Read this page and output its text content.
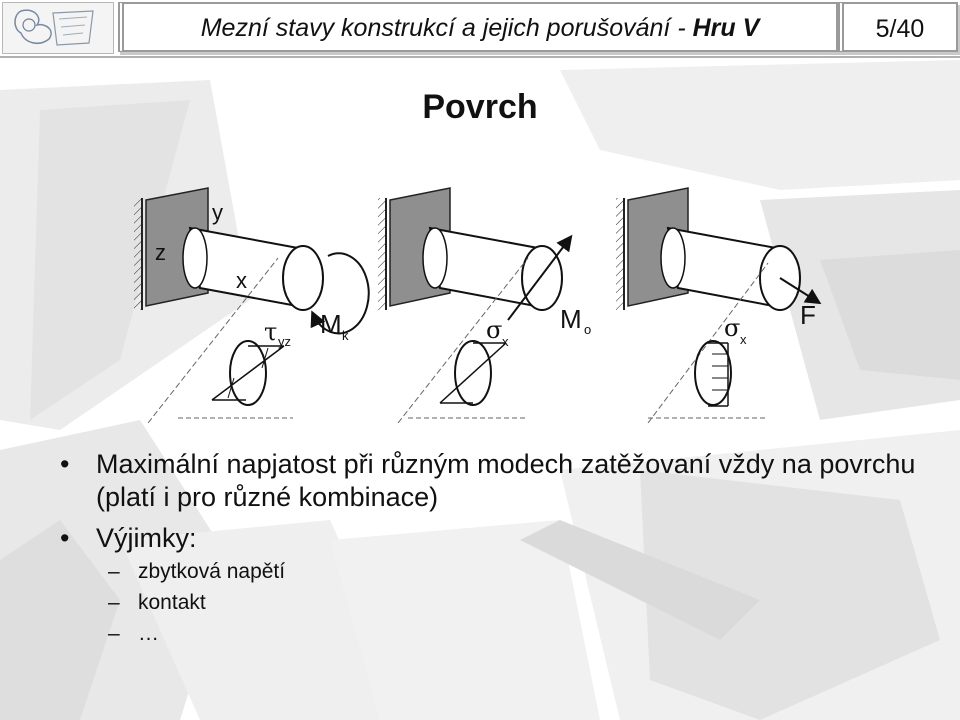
Mezní stavy konstrukcí a jejich porušování - Hru V	5/40
Povrch
y
z
x
τ yz
M k	σ x
M o	σ x
F
• Maximální napjatost při různým modech zatěžovaní vždy na povrchu (platí i pro různé kombinace)
• Výjimky:
– zbytková napětí
– kontakt
– …
